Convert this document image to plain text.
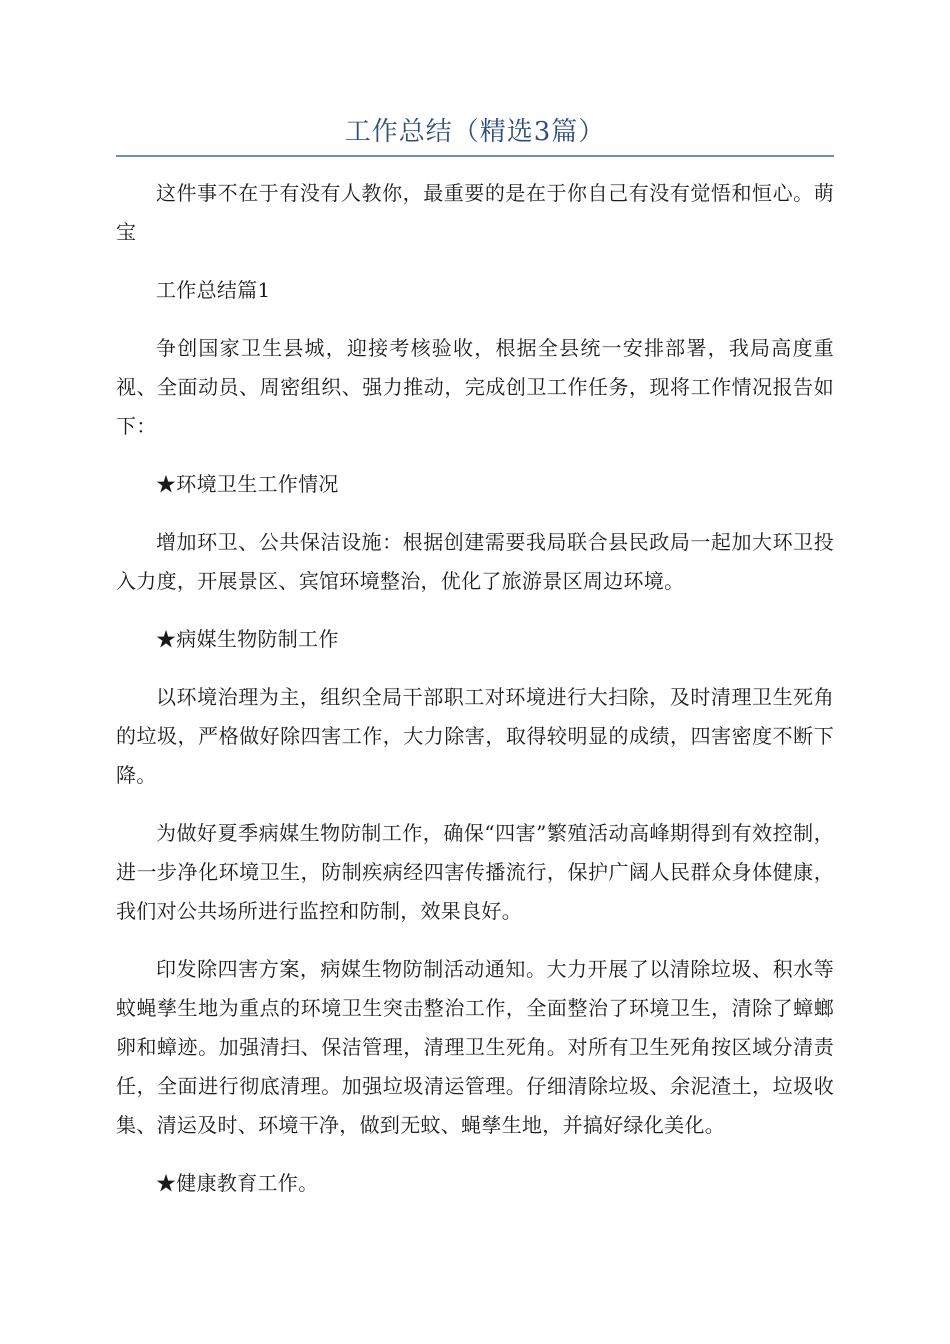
工作总结（精选3篇）

这件事不在于有没有人教你，最重要的是在于你自己有没有觉悟和恒心。萌宝

工作总结篇1

争创国家卫生县城，迎接考核验收，根据全县统一安排部署，我局高度重视、全面动员、周密组织、强力推动，完成创卫工作任务，现将工作情况报告如下：

★环境卫生工作情况

增加环卫、公共保洁设施：根据创建需要我局联合县民政局一起加大环卫投入力度，开展景区、宾馆环境整治，优化了旅游景区周边环境。

★病媒生物防制工作

以环境治理为主，组织全局干部职工对环境进行大扫除，及时清理卫生死角的垃圾，严格做好除四害工作，大力除害，取得较明显的成绩，四害密度不断下降。

为做好夏季病媒生物防制工作，确保“四害”繁殖活动高峰期得到有效控制，进一步净化环境卫生，防制疾病经四害传播流行，保护广阔人民群众身体健康，我们对公共场所进行监控和防制，效果良好。

印发除四害方案，病媒生物防制活动通知。大力开展了以清除垃圾、积水等蚊蝇孳生地为重点的环境卫生突击整治工作，全面整治了环境卫生，清除了蟑螂卵和蟑迹。加强清扫、保洁管理，清理卫生死角。对所有卫生死角按区域分清责任，全面进行彻底清理。加强垃圾清运管理。仔细清除垃圾、余泥渣土，垃圾收集、清运及时、环境干净，做到无蚊、蝇孳生地，并搞好绿化美化。

★健康教育工作。
